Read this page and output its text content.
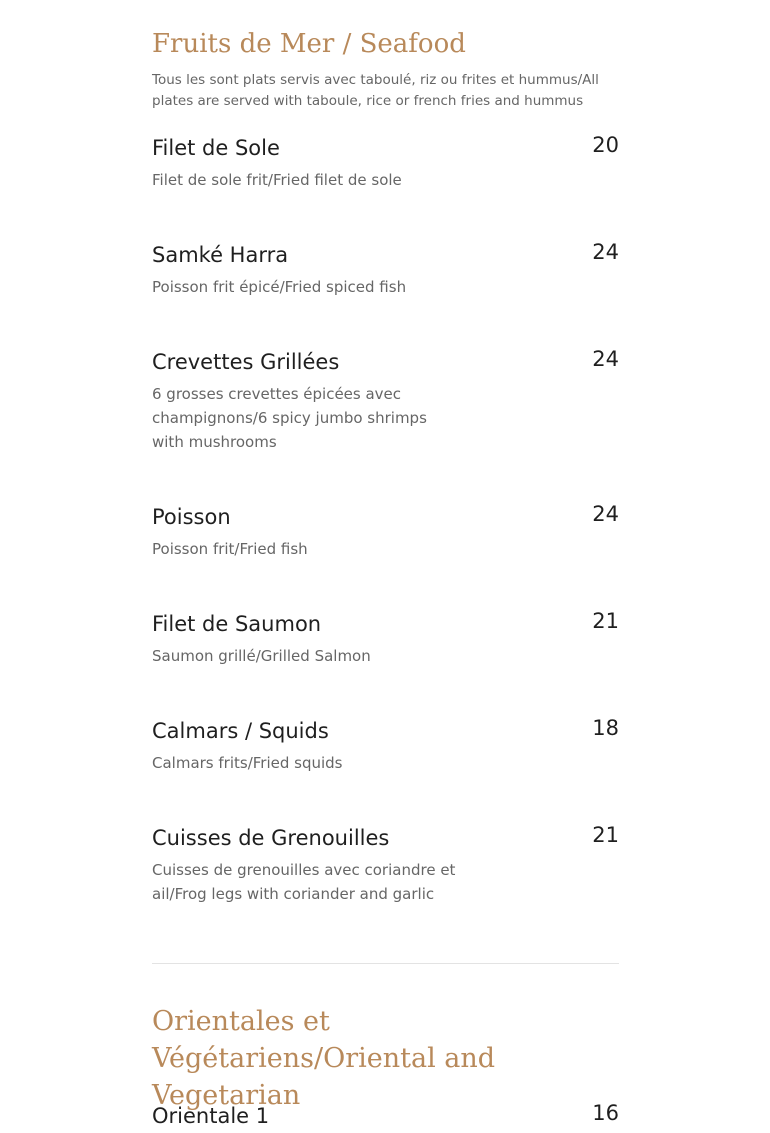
Fruits de Mer / Seafood
Tous les sont plats servis avec taboulé, riz ou frites et hummus/All plates are served with taboule, rice or french fries and hummus
Filet de Sole	20
Filet de sole frit/Fried filet de sole
Samké Harra	24
Poisson frit épicé/Fried spiced fish
Crevettes Grillées	24
6 grosses crevettes épicées avec champignons/6 spicy jumbo shrimps with mushrooms
Poisson	24
Poisson frit/Fried fish
Filet de Saumon	21
Saumon grillé/Grilled Salmon
Calmars / Squids	18
Calmars frits/Fried squids
Cuisses de Grenouilles	21
Cuisses de grenouilles avec coriandre et ail/Frog legs with coriander and garlic
Orientales et Végétariens/Oriental and Vegetarian
Orientale 1	16
